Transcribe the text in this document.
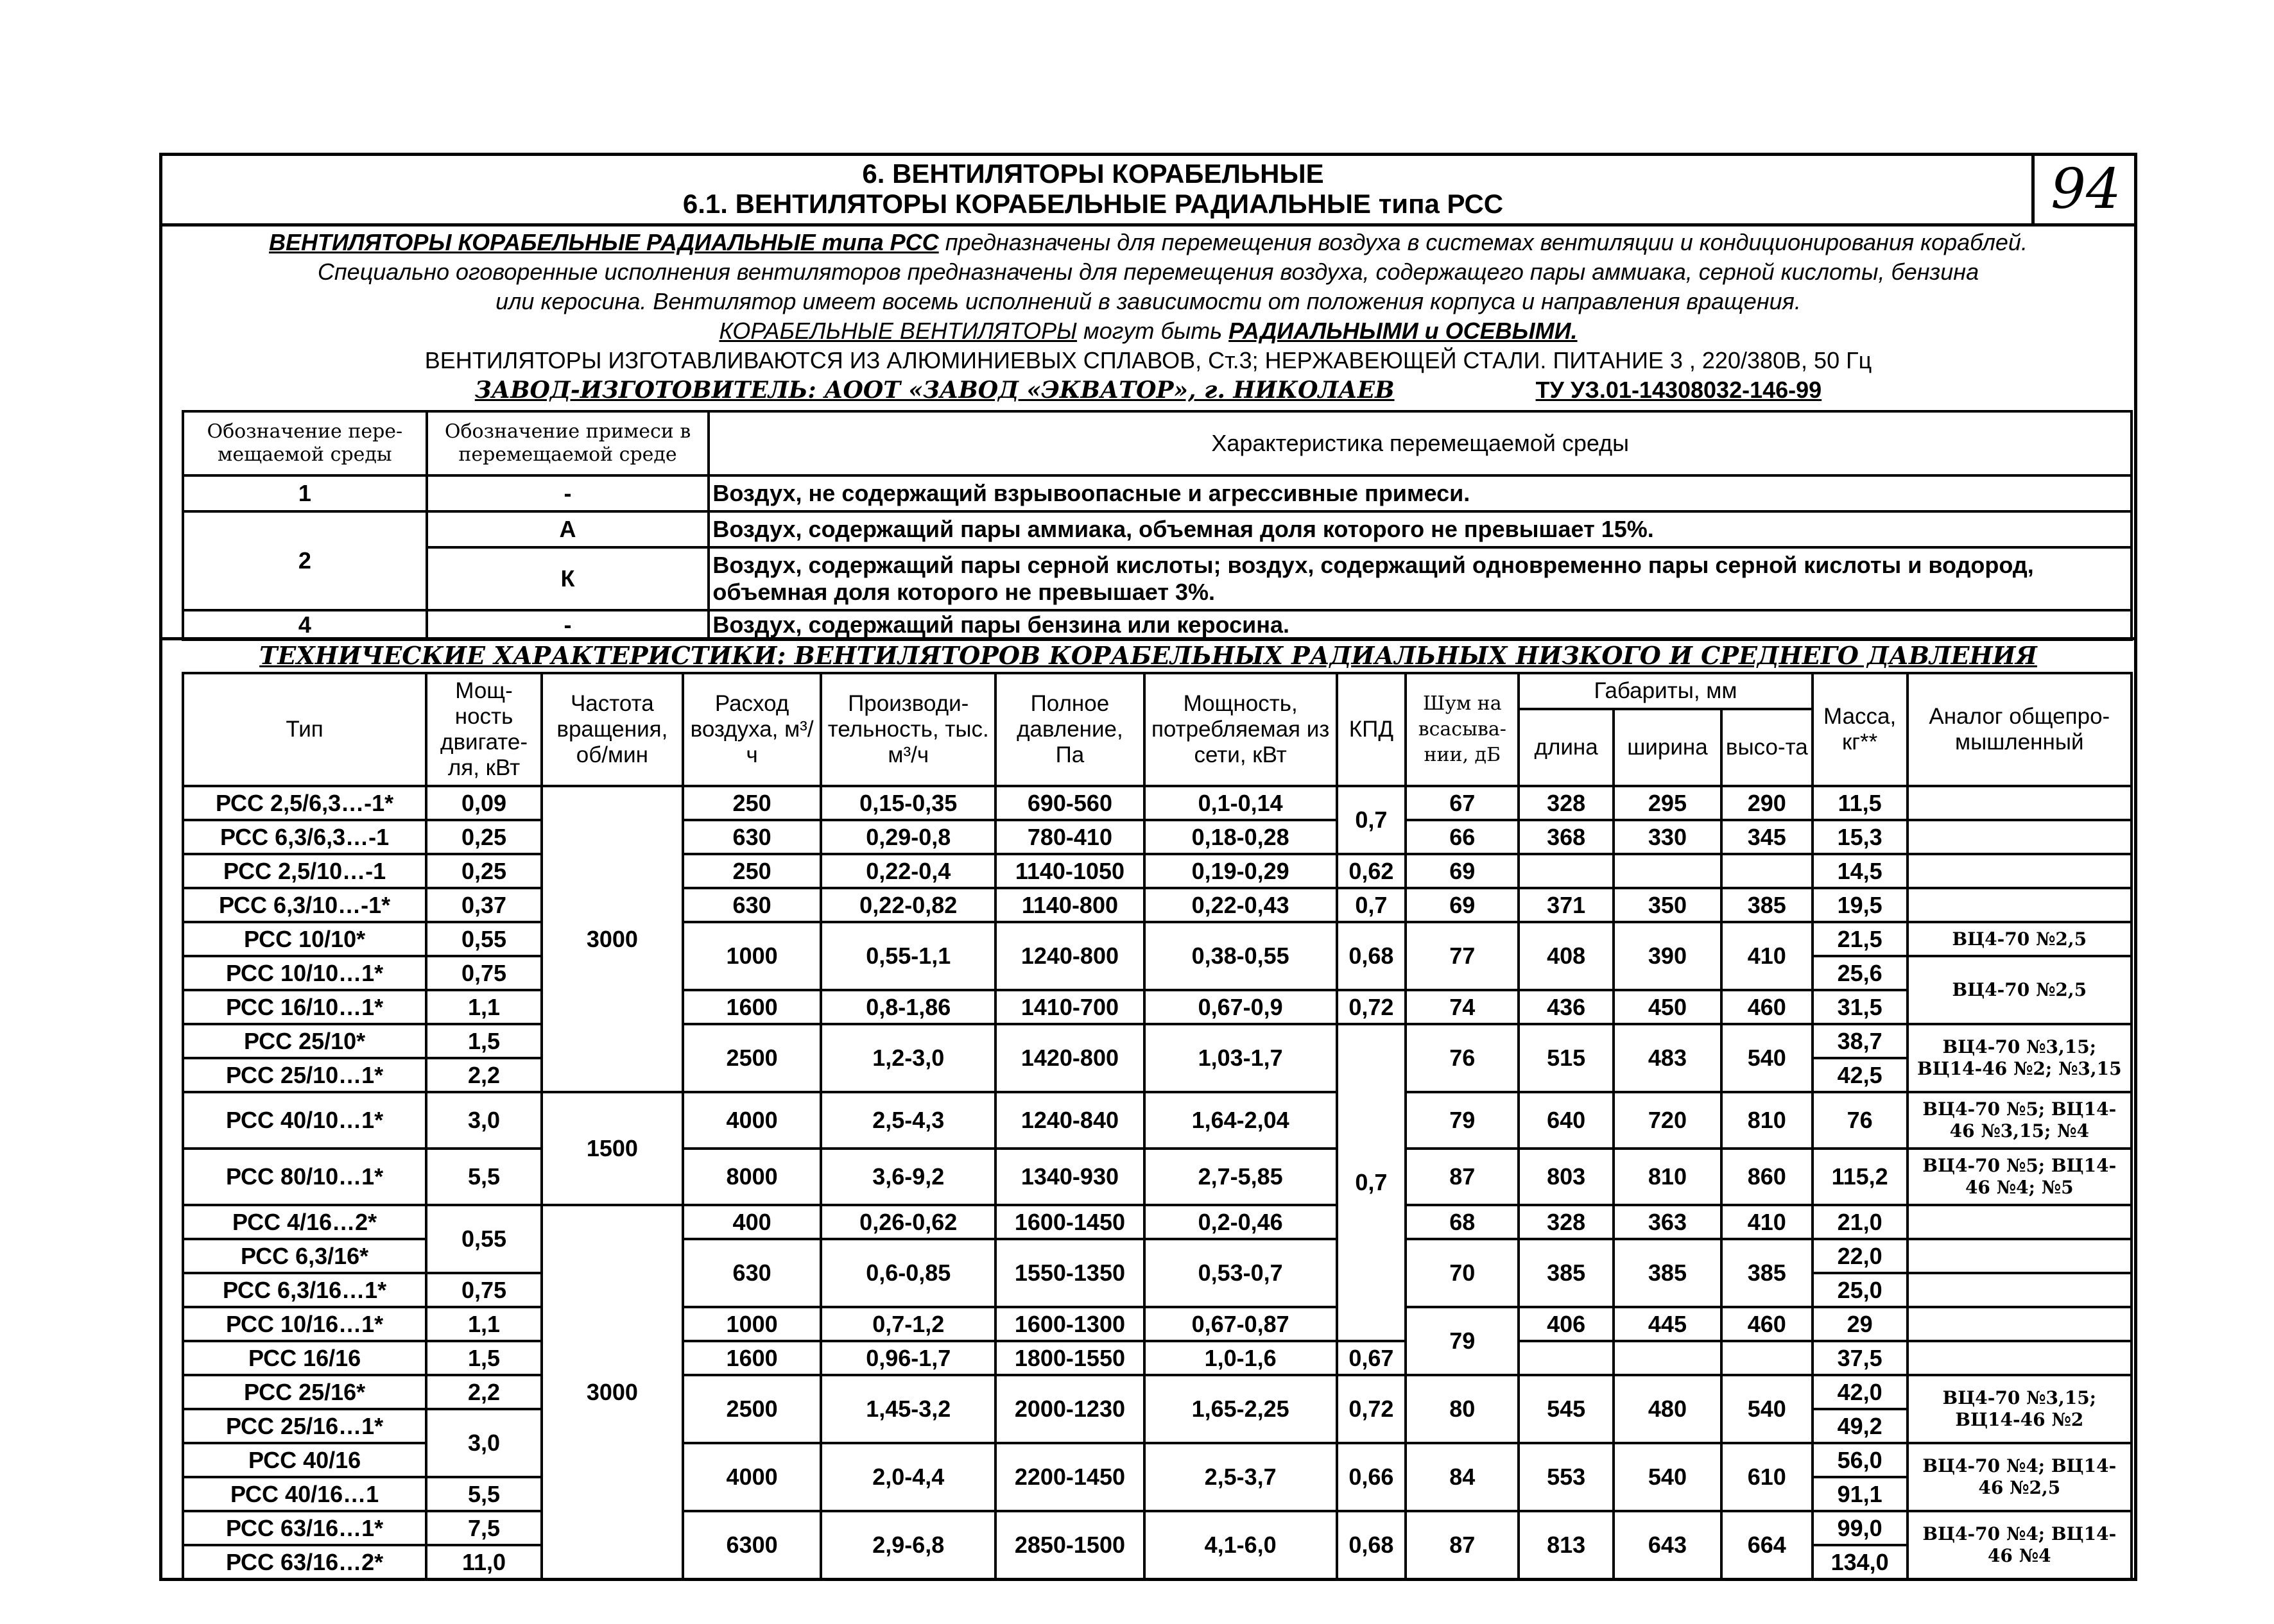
6. ВЕНТИЛЯТОРЫ КОРАБЕЛЬНЫЕ
6.1. ВЕНТИЛЯТОРЫ КОРАБЕЛЬНЫЕ РАДИАЛЬНЫЕ типа РСС	94

ВЕНТИЛЯТОРЫ КОРАБЕЛЬНЫЕ РАДИАЛЬНЫЕ типа РСС предназначены для перемещения воздуха в системах вентиляции и кондиционирования кораблей.

Специально оговоренные исполнения вентиляторов предназначены для перемещения воздуха, содержащего пары аммиака, серной кислоты, бензина

или керосина. Вентилятор имеет восемь исполнений в зависимости от положения корпуса и направления вращения.

КОРАБЕЛЬНЫЕ ВЕНТИЛЯТОРЫ могут быть РАДИАЛЬНЫМИ и ОСЕВЫМИ.

ВЕНТИЛЯТОРЫ ИЗГОТАВЛИВАЮТСЯ ИЗ АЛЮМИНИЕВЫХ СПЛАВОВ, Ст.3; НЕРЖАВЕЮЩЕЙ СТАЛИ. ПИТАНИЕ 3 , 220/380В, 50 Гц

ЗАВОД-ИЗГОТОВИТЕЛЬ: АООТ «ЗАВОД «ЭКВАТОР», г. НИКОЛАЕВ	ТУ УЗ.01-14308032-146-99

Обозначение пере-мещаемой среды	Обозначение примеси в перемещаемой среде	Характеристика перемещаемой среды
1	-	Воздух, не содержащий взрывоопасные и агрессивные примеси.
2	А	Воздух, содержащий пары аммиака, объемная доля которого не превышает 15%.
	К	Воздух, содержащий пары серной кислоты; воздух, содержащий одновременно пары серной кислоты и водород, объемная доля которого не превышает 3%.
4	-	Воздух, содержащий пары бензина или керосина.
ТЕХНИЧЕСКИЕ ХАРАКТЕРИСТИКИ: ВЕНТИЛЯТОРОВ КОРАБЕЛЬНЫХ РАДИАЛЬНЫХ НИЗКОГО И СРЕДНЕГО ДАВЛЕНИЯ
Тип	Мощ-ность двигате-ля, кВт	Частота вращения, об/мин	Расход воздуха, м³/ч	Производи-тельность, тыс. м³/ч	Полное давление, Па	Мощность, потребляемая из сети, кВт	КПД	Шум на всасыва-нии, дБ	Габариты, мм			Масса, кг**	Аналог общепро-мышленный
									длина	ширина	высо-та		
РСС 2,5/6,3…-1*	0,09	3000	250	0,15-0,35	690-560	0,1-0,14	0,7	67	328	295	290	11,5	
РСС 6,3/6,3…-1	0,25		630	0,29-0,8	780-410	0,18-0,28		66	368	330	345	15,3	
РСС 2,5/10…-1	0,25		250	0,22-0,4	1140-1050	0,19-0,29	0,62	69				14,5	
РСС 6,3/10…-1*	0,37		630	0,22-0,82	1140-800	0,22-0,43	0,7	69	371	350	385	19,5	
РСС 10/10*	0,55		1000	0,55-1,1	1240-800	0,38-0,55	0,68	77	408	390	410	21,5	ВЦ4-70 №2,5
РСС 10/10…1*	0,75											25,6	ВЦ4-70 №2,5
РСС 16/10…1*	1,1		1600	0,8-1,86	1410-700	0,67-0,9	0,72	74	436	450	460	31,5	
РСС 25/10*	1,5		2500	1,2-3,0	1420-800	1,03-1,7	0,7	76	515	483	540	38,7	ВЦ4-70 №3,15; ВЦ14-46 №2; №3,15
РСС 25/10…1*	2,2											42,5	
РСС 40/10…1*	3,0	1500	4000	2,5-4,3	1240-840	1,64-2,04		79	640	720	810	76	ВЦ4-70 №5; ВЦ14-46 №3,15; №4
РСС 80/10…1*	5,5		8000	3,6-9,2	1340-930	2,7-5,85		87	803	810	860	115,2	ВЦ4-70 №5; ВЦ14-46 №4; №5
РСС 4/16…2*	0,55	3000	400	0,26-0,62	1600-1450	0,2-0,46		68	328	363	410	21,0	
РСС 6,3/16*			630	0,6-0,85	1550-1350	0,53-0,7		70	385	385	385	22,0	
РСС 6,3/16…1*	0,75											25,0	
РСС 10/16…1*	1,1		1000	0,7-1,2	1600-1300	0,67-0,87		79	406	445	460	29	
РСС 16/16	1,5		1600	0,96-1,7	1800-1550	1,0-1,6	0,67					37,5	
РСС 25/16*	2,2		2500	1,45-3,2	2000-1230	1,65-2,25	0,72	80	545	480	540	42,0	ВЦ4-70 №3,15; ВЦ14-46 №2
РСС 25/16…1*	3,0											49,2	
РСС 40/16			4000	2,0-4,4	2200-1450	2,5-3,7	0,66	84	553	540	610	56,0	ВЦ4-70 №4; ВЦ14-46 №2,5
РСС 40/16…1	5,5											91,1	
РСС 63/16…1*	7,5		6300	2,9-6,8	2850-1500	4,1-6,0	0,68	87	813	643	664	99,0	ВЦ4-70 №4; ВЦ14-46 №4
РСС 63/16…2*	11,0											134,0	
